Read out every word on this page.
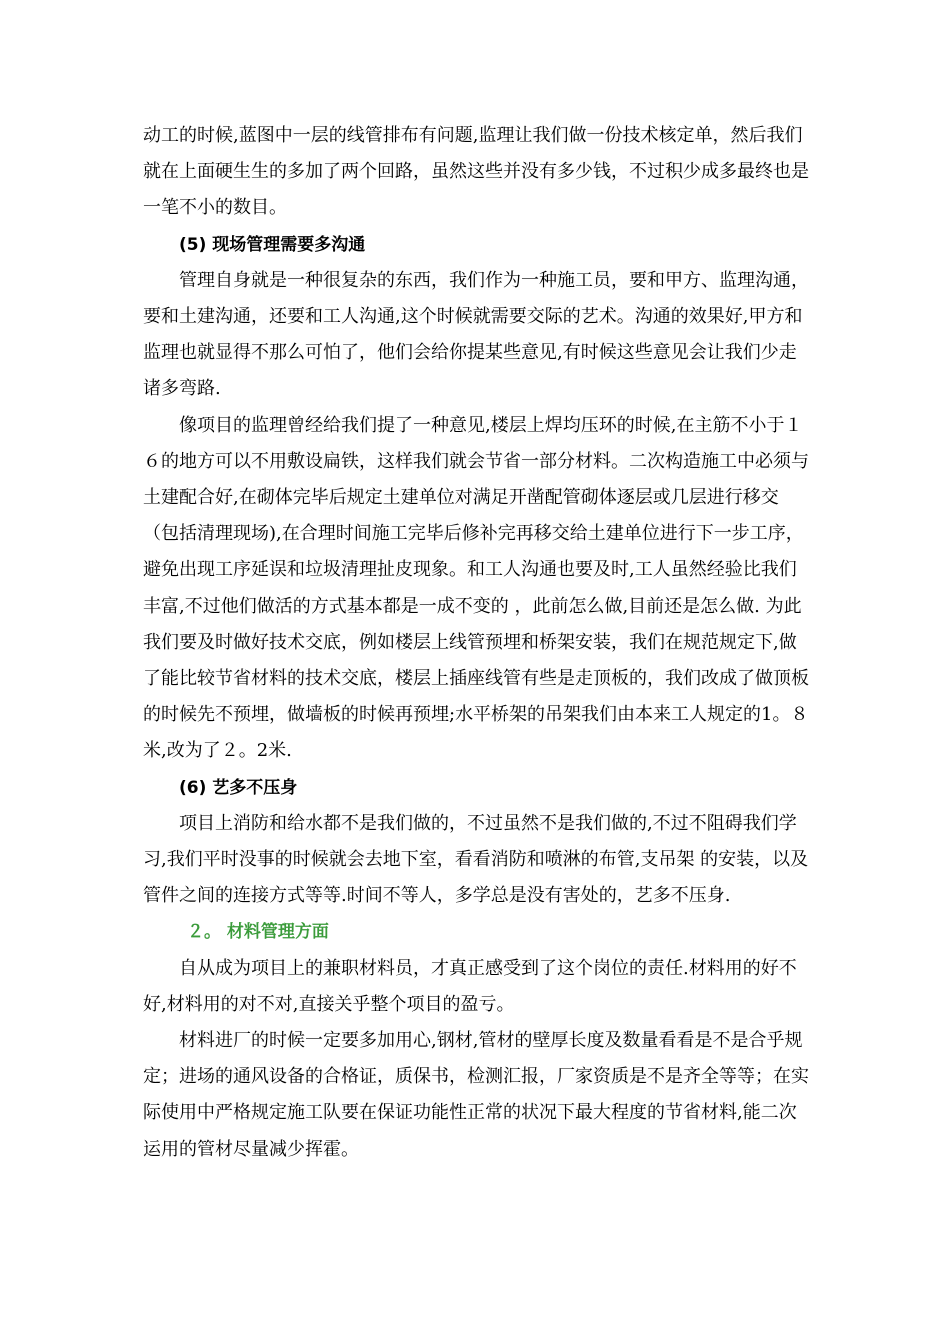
动工的时候,蓝图中一层的线管排布有问题,监理让我们做一份技术核定单，然后我们就在上面硬生生的多加了两个回路，虽然这些并没有多少钱，不过积少成多最终也是一笔不小的数目。

(5) 现场管理需要多沟通

管理自身就是一种很复杂的东西，我们作为一种施工员，要和甲方、监理沟通，要和土建沟通，还要和工人沟通,这个时候就需要交际的艺术。沟通的效果好,甲方和监理也就显得不那么可怕了，他们会给你提某些意见,有时候这些意见会让我们少走诸多弯路.

像项目的监理曾经给我们提了一种意见,楼层上焊均压环的时候,在主筋不小于１６的地方可以不用敷设扁铁，这样我们就会节省一部分材料。二次构造施工中必须与土建配合好,在砌体完毕后规定土建单位对满足开凿配管砌体逐层或几层进行移交（包括清理现场),在合理时间施工完毕后修补完再移交给土建单位进行下一步工序，避免出现工序延误和垃圾清理扯皮现象。和工人沟通也要及时,工人虽然经验比我们丰富,不过他们做活的方式基本都是一成不变的 ，此前怎么做,目前还是怎么做. 为此我们要及时做好技术交底，例如楼层上线管预埋和桥架安装，我们在规范规定下,做了能比较节省材料的技术交底，楼层上插座线管有些是走顶板的，我们改成了做顶板的时候先不预埋，做墙板的时候再预埋;水平桥架的吊架我们由本来工人规定的1。８米,改为了２。2米.

(6) 艺多不压身

项目上消防和给水都不是我们做的，不过虽然不是我们做的,不过不阻碍我们学习,我们平时没事的时候就会去地下室，看看消防和喷淋的布管,支吊架 的安装，以及管件之间的连接方式等等.时间不等人，多学总是没有害处的，艺多不压身.

２。 材料管理方面

自从成为项目上的兼职材料员，才真正感受到了这个岗位的责任.材料用的好不好,材料用的对不对,直接关乎整个项目的盈亏。

材料进厂的时候一定要多加用心,钢材,管材的壁厚长度及数量看看是不是合乎规定；进场的通风设备的合格证，质保书，检测汇报，厂家资质是不是齐全等等；在实际使用中严格规定施工队要在保证功能性正常的状况下最大程度的节省材料,能二次运用的管材尽量减少挥霍。
